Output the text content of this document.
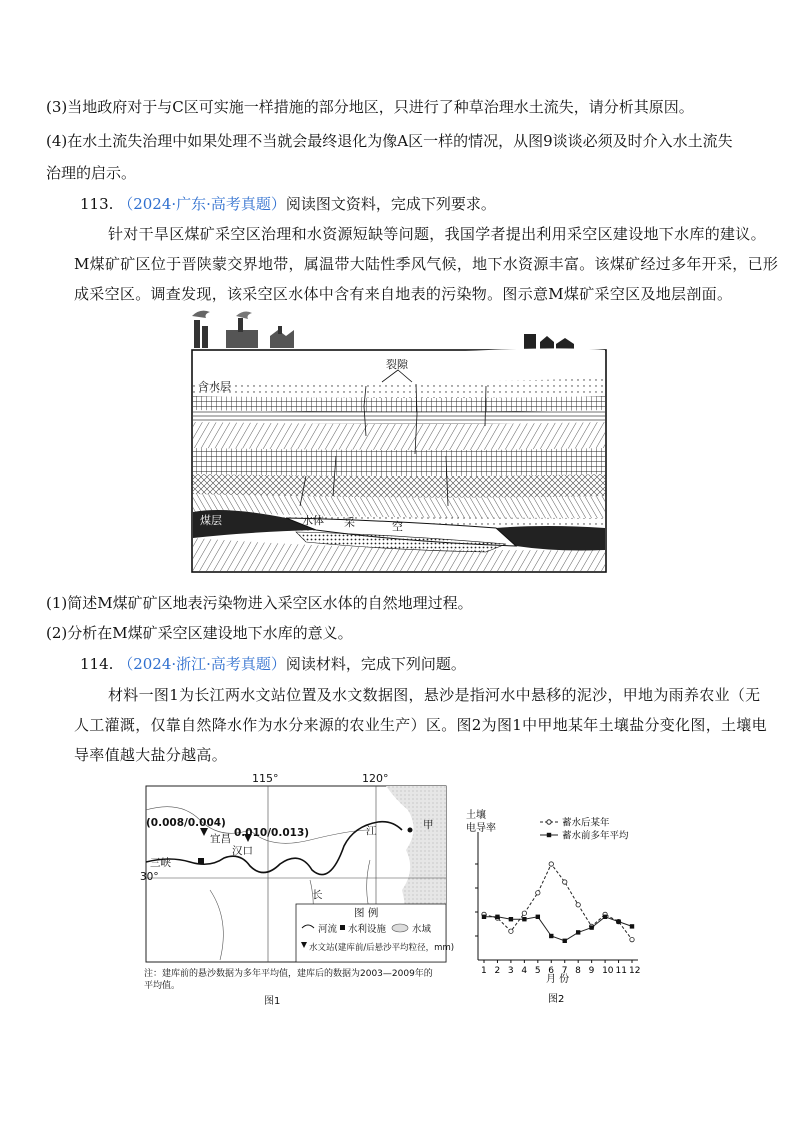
(3)当地政府对于与C区可实施一样措施的部分地区，只进行了种草治理水土流失，请分析其原因。
(4)在水土流失治理中如果处理不当就会最终退化为像A区一样的情况，从图9谈谈必须及时介入水土流失
治理的启示。
113. （2024·广东·高考真题）阅读图文资料，完成下列要求。
针对干旱区煤矿采空区治理和水资源短缺等问题，我国学者提出利用采空区建设地下水库的建议。
M煤矿矿区位于晋陕蒙交界地带，属温带大陆性季风气候，地下水资源丰富。该煤矿经过多年开采，已形
成采空区。调查发现，该采空区水体中含有来自地表的污染物。图示意M煤矿采空区及地层剖面。
裂隙
含水层
煤层	水体 采	空
(1)简述M煤矿矿区地表污染物进入采空区水体的自然地理过程。
(2)分析在M煤矿采空区建设地下水库的意义。
114. （2024·浙江·高考真题）阅读材料，完成下列问题。
材料一图1为长江两水文站位置及水文数据图，悬沙是指河水中悬移的泥沙，甲地为雨养农业（无
人工灌溉，仅靠自然降水作为水分来源的农业生产）区。图2为图1中甲地某年土壤盐分变化图，土壤电
导率值越大盐分越高。
115°	120°
(0.008/0.004)
宜昌 0.010/0.013)
汉口
三峡
30°
甲
长
江
图 例
河流 水利设施	水域
水文站(建库前/后悬沙平均粒径，mm)
注：建库前的悬沙数据为多年平均值，建库后的数据为2003—2009年的
平均值。
图1
土壤
电导率
1 2 3 4 5 6 7 8 9 10 11 12
蓄水后某年
蓄水前多年平均
月 份
图2
